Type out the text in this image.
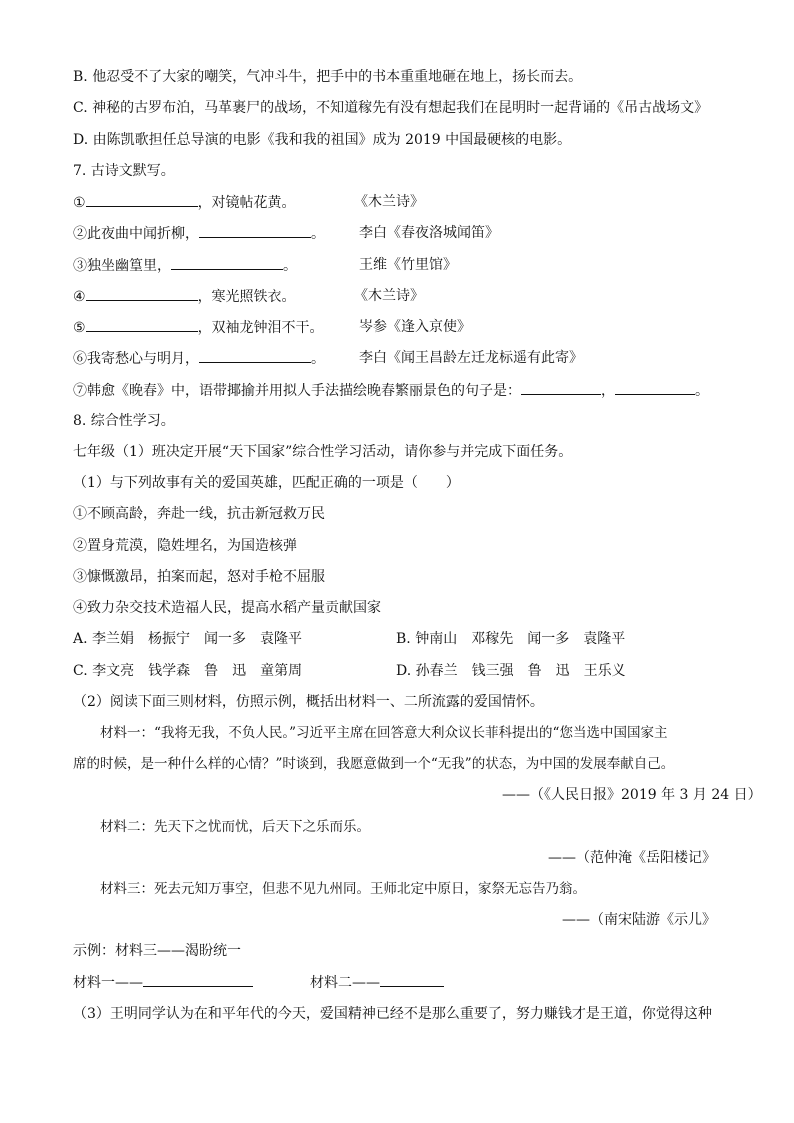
B. 他忍受不了大家的嘲笑，气冲斗牛，把手中的书本重重地砸在地上，扬长而去。
C. 神秘的古罗布泊，马革裹尸的战场，不知道稼先有没有想起我们在昆明时一起背诵的《吊古战场文》
D. 由陈凯歌担任总导演的电影《我和我的祖国》成为 2019 中国最硬核的电影。
7. 古诗文默写。
①	，对镜帖花黄。	《木兰诗》
②此夜曲中闻折柳，	。 李白《春夜洛城闻笛》
③独坐幽篁里，	。	王维《竹里馆》
④	，寒光照铁衣。	《木兰诗》
⑤	，双袖龙钟泪不干。	岑参《逢入京使》
⑥我寄愁心与明月，	。 李白《闻王昌龄左迁龙标遥有此寄》
⑦韩愈《晚春》中，语带揶揄并用拟人手法描绘晚春繁丽景色的句子是：	，	。
8. 综合性学习。
七年级（1）班决定开展“天下国家”综合性学习活动，请你参与并完成下面任务。
（1）与下列故事有关的爱国英雄，匹配正确的一项是（　　）
①不顾高龄，奔赴一线，抗击新冠救万民
②置身荒漠，隐姓埋名，为国造核弹
③慷慨激昂，拍案而起，怒对手枪不屈服
④致力杂交技术造福人民，提高水稻产量贡献国家
A. 李兰娟　杨振宁　闻一多　袁隆平	B. 钟南山　邓稼先　闻一多　袁隆平
C. 李文亮　钱学森　鲁　迅　童第周	D. 孙春兰　钱三强　鲁　迅　王乐义
（2）阅读下面三则材料，仿照示例，概括出材料一、二所流露的爱国情怀。
材料一：“我将无我，不负人民。”习近平主席在回答意大利众议长菲科提出的“您当选中国国家主
席的时候，是一种什么样的心情？”时谈到，我愿意做到一个“无我”的状态，为中国的发展奉献自己。
——（《人民日报》2019 年 3 月 24 日）
材料二：先天下之忧而忧，后天下之乐而乐。
——（范仲淹《岳阳楼记》
材料三：死去元知万事空，但悲不见九州同。王师北定中原日，家祭无忘告乃翁。
——（南宋陆游《示儿》
示例：材料三——渴盼统一
材料一——	材料二——
（3）王明同学认为在和平年代的今天，爱国精神已经不是那么重要了，努力赚钱才是王道，你觉得这种
